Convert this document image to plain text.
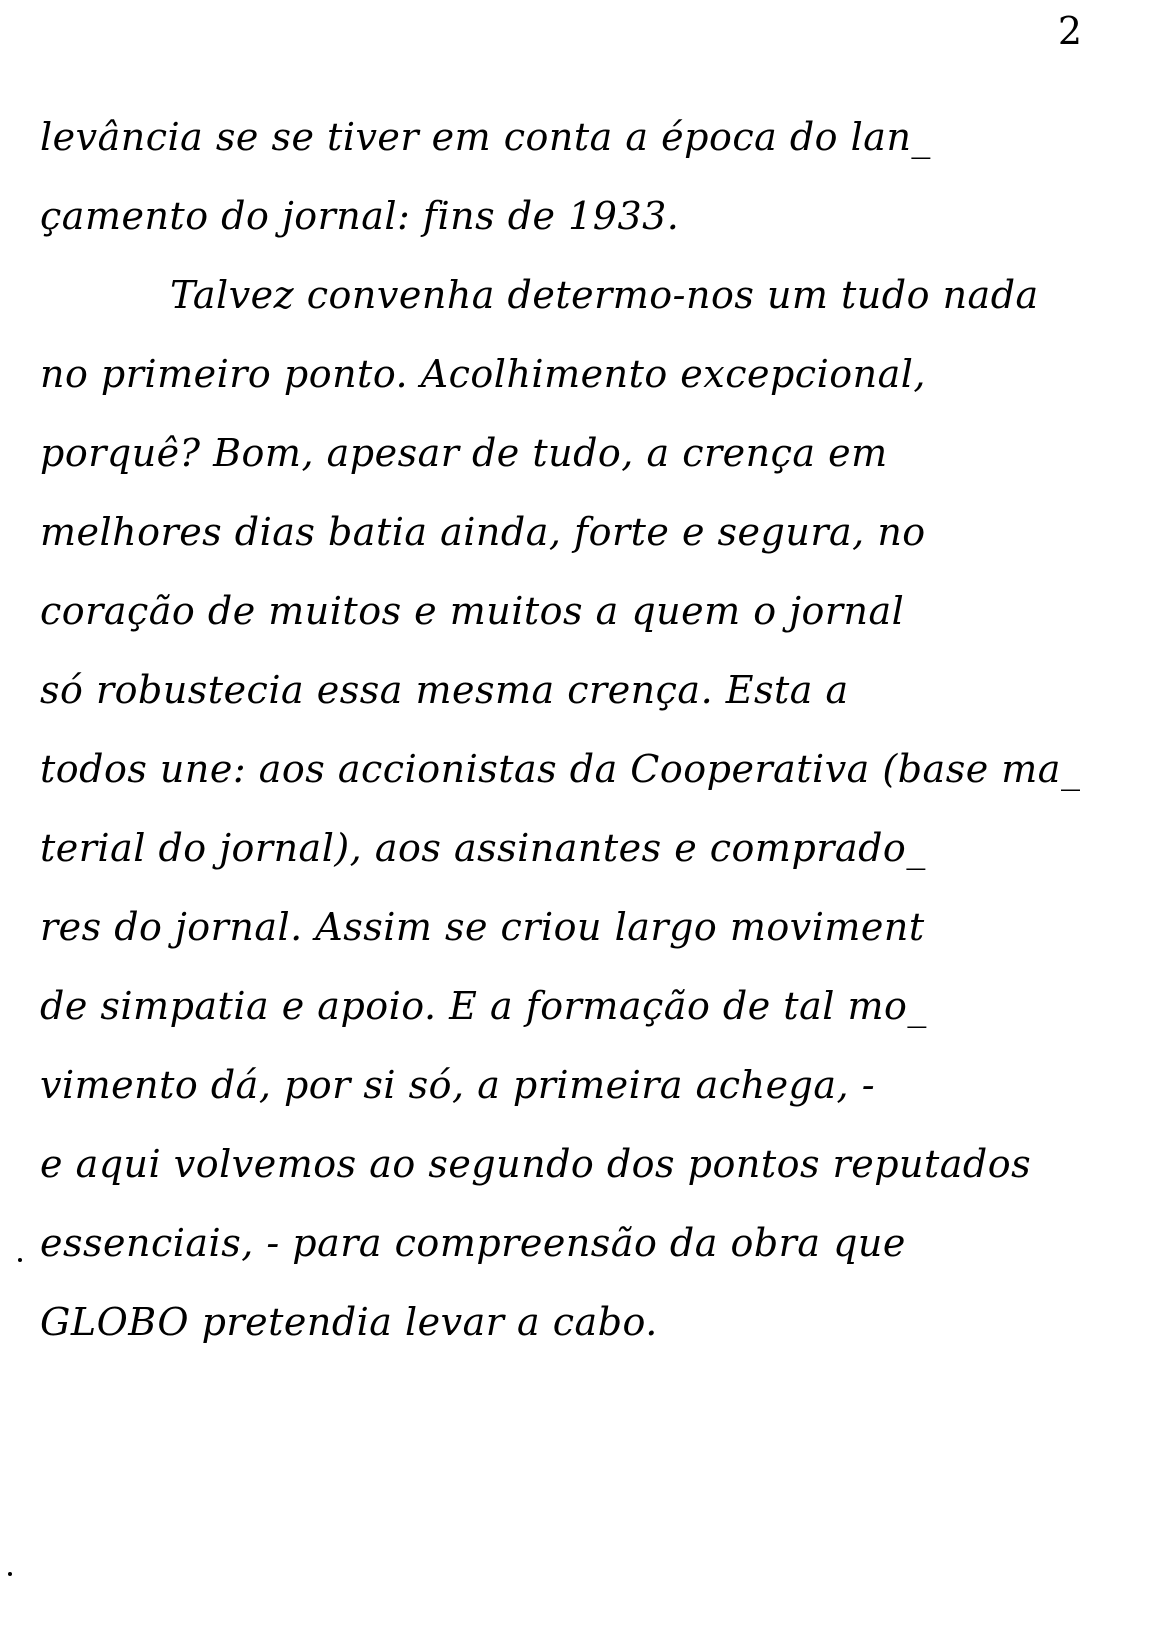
2
levância se se tiver em conta a época do lan_
çamento do jornal: fins de 1933.
Talvez convenha determo-nos um tudo nada
no primeiro ponto. Acolhimento excepcional,
porquê? Bom, apesar de tudo, a crença em
melhores dias batia ainda, forte e segura, no
coração de muitos e muitos a quem o jornal
só robustecia essa mesma crença. Esta a
todos une: aos accionistas da Cooperativa (base ma_
terial do jornal), aos assinantes e comprado_
res do jornal. Assim se criou largo moviment
de simpatia e apoio. E a formação de tal mo_
vimento dá, por si só, a primeira achega, -
e aqui volvemos ao segundo dos pontos reputados
essenciais, - para compreensão da obra que
GLOBO pretendia levar a cabo.
